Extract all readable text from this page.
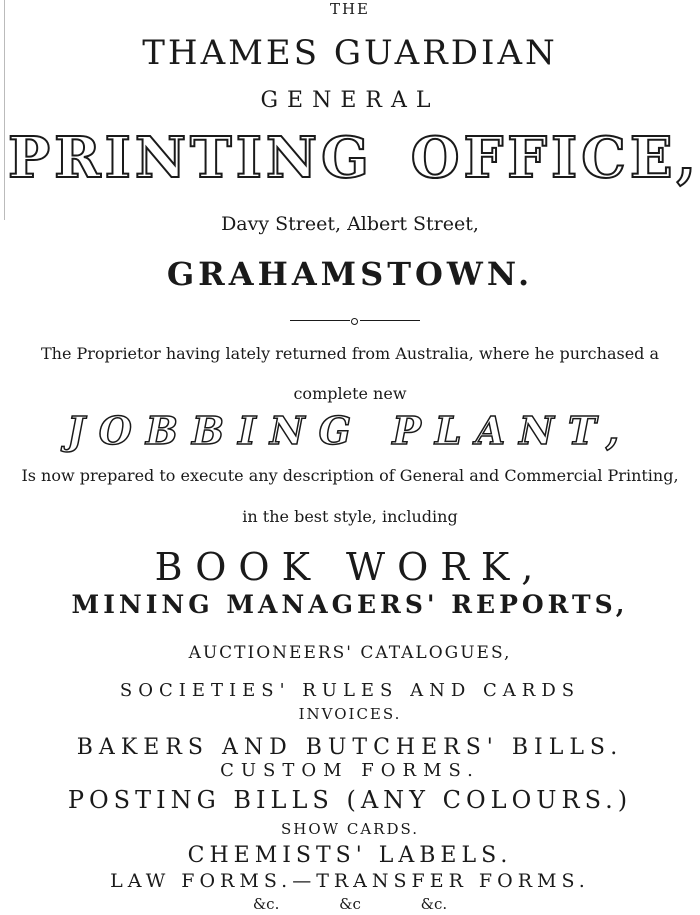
THE
THAMES GUARDIAN
GENERAL
PRINTING OFFICE,
Davy Street, Albert Street,
GRAHAMSTOWN.
The Proprietor having lately returned from Australia, where he purchased a
complete new
JOBBING PLANT,
Is now prepared to execute any description of General and Commercial Printing,
in the best style, including
BOOK WORK,
MINING MANAGERS' REPORTS,
AUCTIONEERS' CATALOGUES,
SOCIETIES' RULES AND CARDS
INVOICES.
BAKERS AND BUTCHERS' BILLS.
CUSTOM FORMS.
POSTING BILLS (ANY COLOURS.)
SHOW CARDS.
CHEMISTS' LABELS.
LAW FORMS.—TRANSFER FORMS.
&c. &c &c.
